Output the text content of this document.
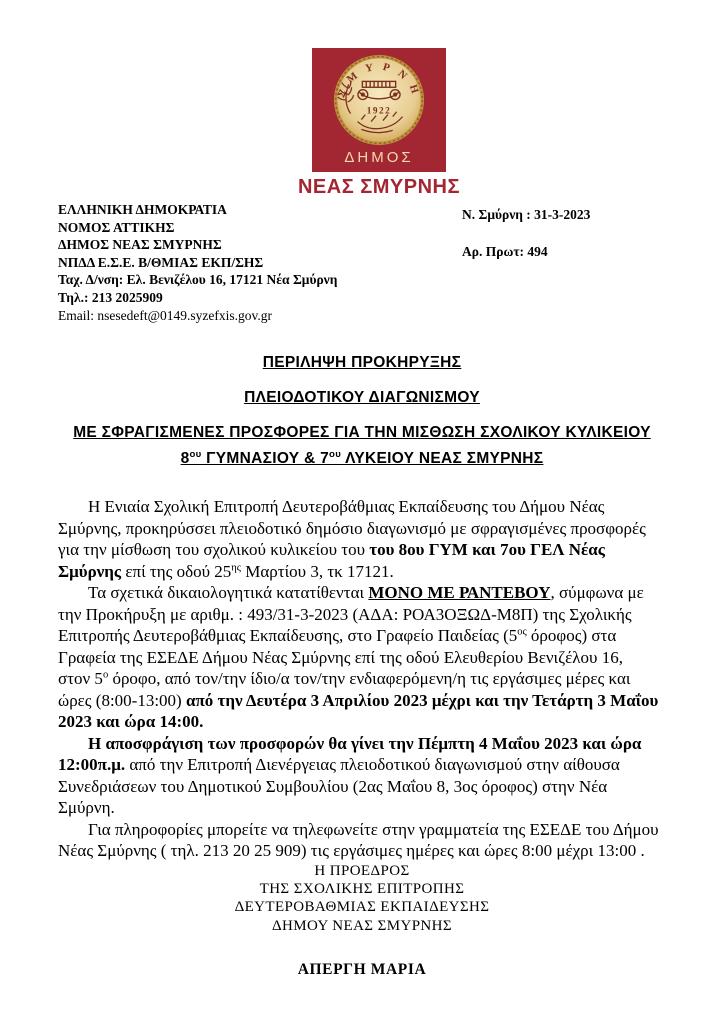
ΣΜΥΡΝΗ
1922
ΔΗΜΟΣ
ΝΕΑΣ ΣΜΥΡΝΗΣ
ΕΛΛΗΝΙΚΗ ΔΗΜΟΚΡΑΤΙΑ
ΝΟΜΟΣ ΑΤΤΙΚΗΣ
ΔΗΜΟΣ ΝΕΑΣ ΣΜΥΡΝΗΣ
ΝΠΔΔ Ε.Σ.Ε. Β/ΘΜΙΑΣ ΕΚΠ/ΣΗΣ
Ταχ. Δ/νση: Ελ. Βενιζέλου 16, 17121 Νέα Σμύρνη
Τηλ.: 213 2025909
Email: nsesedeft@0149.syzefxis.gov.gr
Ν. Σμύρνη : 31-3-2023
Αρ. Πρωτ: 494
ΠΕΡΙΛΗΨΗ ΠΡΟΚΗΡΥΞΗΣ
ΠΛΕΙΟΔΟΤΙΚΟΥ ΔΙΑΓΩΝΙΣΜΟΥ
ΜΕ ΣΦΡΑΓΙΣΜΕΝΕΣ ΠΡΟΣΦΟΡΕΣ ΓΙΑ ΤΗΝ ΜΙΣΘΩΣΗ ΣΧΟΛΙΚΟΥ ΚΥΛΙΚΕΙΟΥ
$8^{o\upsilon}$ ΓΥΜΝΑΣΙΟΥ & $7^{o\upsilon}$ ΛΥΚΕΙΟΥ ΝΕΑΣ ΣΜΥΡΝΗΣ
Η Ενιαία Σχολική Επιτροπή Δευτεροβάθμιας Εκπαίδευσης του Δήμου Νέας Σμύρνης, προκηρύσσει πλειοδοτικό δημόσιο διαγωνισμό με σφραγισμένες προσφορές για την μίσθωση του σχολικού κυλικείου του του 8ου ΓΥΜ και 7ου ΓΕΛ Νέας Σμύρνης επί της οδού $25^{\eta\varsigma}$ Μαρτίου 3, τκ 17121.
Τα σχετικά δικαιολογητικά κατατίθενται ΜΟΝΟ ΜΕ ΡΑΝΤΕΒΟΥ, σύμφωνα με την Προκήρυξη με αριθμ. : 493/31-3-2023 (ΑΔΑ: ΡΟΑ3ΟΞΩΔ-Μ8Π) της Σχολικής Επιτροπής Δευτεροβάθμιας Εκπαίδευσης, στο Γραφείο Παιδείας ($5^{o\varsigma}$ όροφος) στα Γραφεία της ΕΣΕΔΕ Δήμου Νέας Σμύρνης επί της οδού Ελευθερίου Βενιζέλου 16, στον $5^o$ όροφο, από τον/την ίδιο/α τον/την ενδιαφερόμενη/η τις εργάσιμες μέρες και ώρες (8:00-13:00) από την Δευτέρα 3 Απριλίου 2023 μέχρι και την Τετάρτη 3 Μαΐου 2023 και ώρα 14:00.
Η αποσφράγιση των προσφορών θα γίνει την Πέμπτη 4 Μαΐου 2023 και ώρα 12:00π.μ. από την Επιτροπή Διενέργειας πλειοδοτικού διαγωνισμού στην αίθουσα Συνεδριάσεων του Δημοτικού Συμβουλίου (2ας Μαΐου 8, 3ος όροφος) στην Νέα Σμύρνη.
Για πληροφορίες μπορείτε να τηλεφωνείτε στην γραμματεία της ΕΣΕΔΕ του Δήμου Νέας Σμύρνης ( τηλ. 213 20 25 909) τις εργάσιμες ημέρες και ώρες 8:00 μέχρι 13:00 .
Η ΠΡΟΕΔΡΟΣ
ΤΗΣ ΣΧΟΛΙΚΗΣ ΕΠΙΤΡΟΠΗΣ
ΔΕΥΤΕΡΟΒΑΘΜΙΑΣ ΕΚΠΑΙΔΕΥΣΗΣ
ΔΗΜΟΥ ΝΕΑΣ ΣΜΥΡΝΗΣ
ΑΠΕΡΓΗ ΜΑΡΙΑ
